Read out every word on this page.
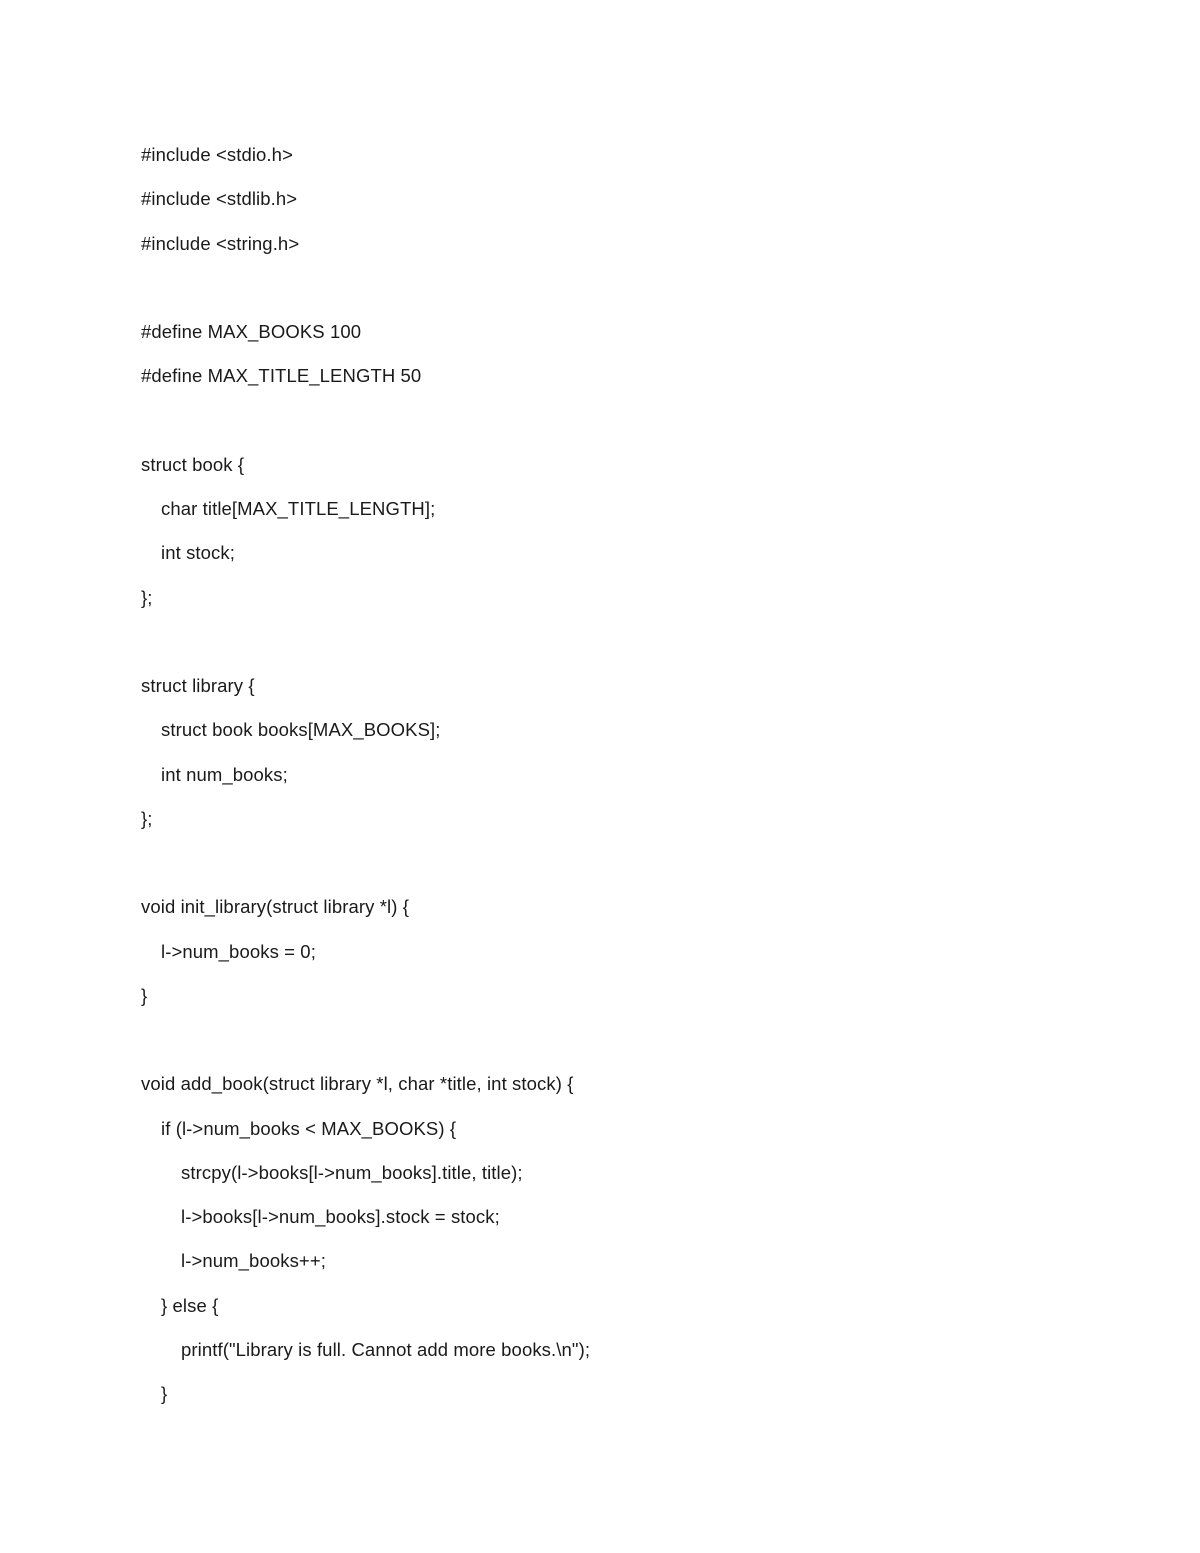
#include <stdio.h>
#include <stdlib.h>
#include <string.h>
#define MAX_BOOKS 100
#define MAX_TITLE_LENGTH 50
struct book {
char title[MAX_TITLE_LENGTH];
int stock;
};
struct library {
struct book books[MAX_BOOKS];
int num_books;
};
void init_library(struct library *l) {
l->num_books = 0;
}
void add_book(struct library *l, char *title, int stock) {
if (l->num_books < MAX_BOOKS) {
strcpy(l->books[l->num_books].title, title);
l->books[l->num_books].stock = stock;
l->num_books++;
} else {
printf("Library is full. Cannot add more books.\n");
}
